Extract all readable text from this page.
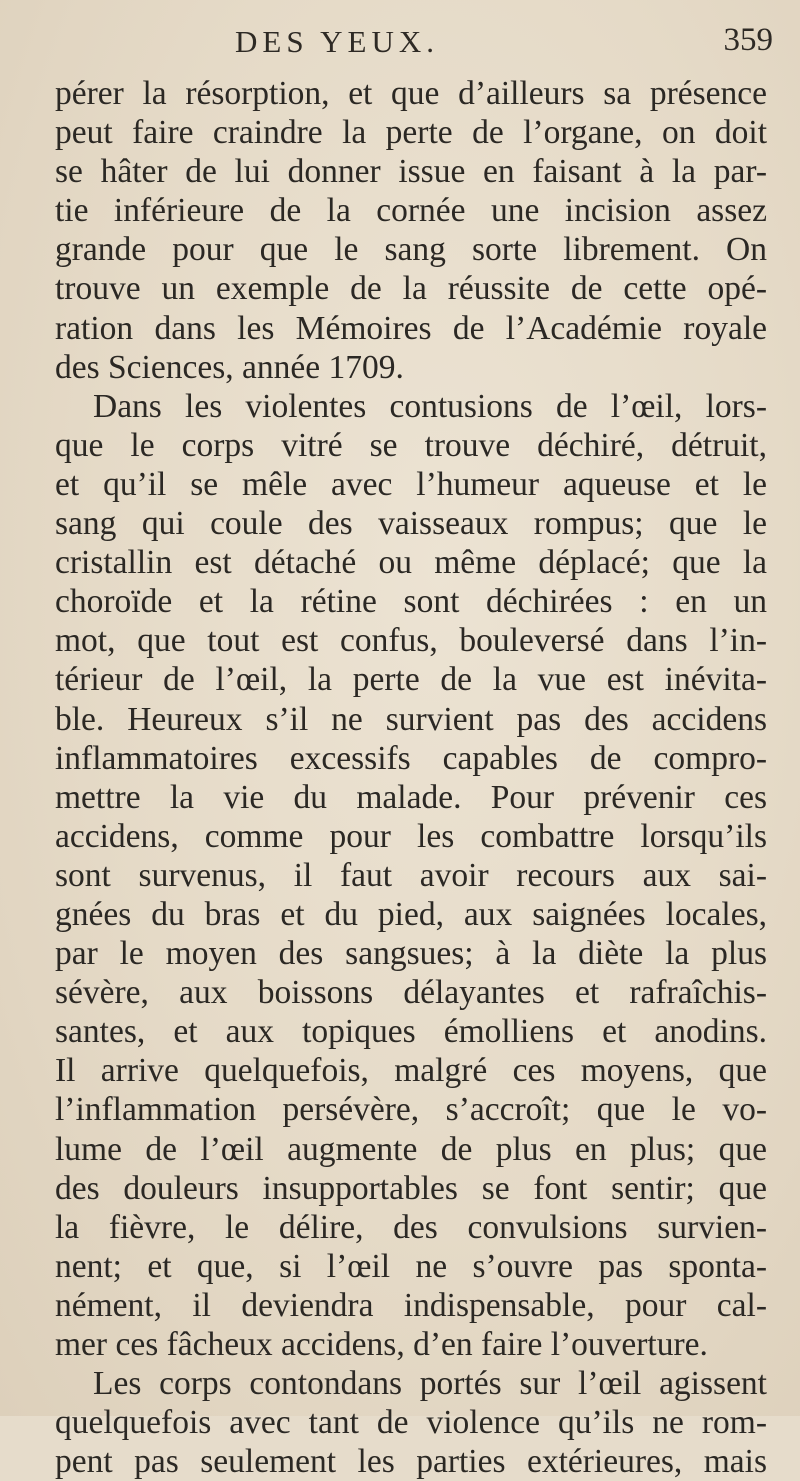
DES YEUX.	359
pérer la résorption, et que d’ailleurs sa présence
peut faire craindre la perte de l’organe, on doit
se hâter de lui donner issue en faisant à la par-
tie inférieure de la cornée une incision assez
grande pour que le sang sorte librement. On
trouve un exemple de la réussite de cette opé-
ration dans les Mémoires de l’Académie royale
des Sciences, année 1709.
Dans les violentes contusions de l’œil, lors-
que le corps vitré se trouve déchiré, détruit,
et qu’il se mêle avec l’humeur aqueuse et le
sang qui coule des vaisseaux rompus; que le
cristallin est détaché ou même déplacé; que la
choroïde et la rétine sont déchirées : en un
mot, que tout est confus, bouleversé dans l’in-
térieur de l’œil, la perte de la vue est inévita-
ble. Heureux s’il ne survient pas des accidens
inflammatoires excessifs capables de compro-
mettre la vie du malade. Pour prévenir ces
accidens, comme pour les combattre lorsqu’ils
sont survenus, il faut avoir recours aux sai-
gnées du bras et du pied, aux saignées locales,
par le moyen des sangsues; à la diète la plus
sévère, aux boissons délayantes et rafraîchis-
santes, et aux topiques émolliens et anodins.
Il arrive quelquefois, malgré ces moyens, que
l’inflammation persévère, s’accroît; que le vo-
lume de l’œil augmente de plus en plus; que
des douleurs insupportables se font sentir; que
la fièvre, le délire, des convulsions survien-
nent; et que, si l’œil ne s’ouvre pas sponta-
nément, il deviendra indispensable, pour cal-
mer ces fâcheux accidens, d’en faire l’ouverture.
Les corps contondans portés sur l’œil agissent
quelquefois avec tant de violence qu’ils ne rom-
pent pas seulement les parties extérieures, mais
